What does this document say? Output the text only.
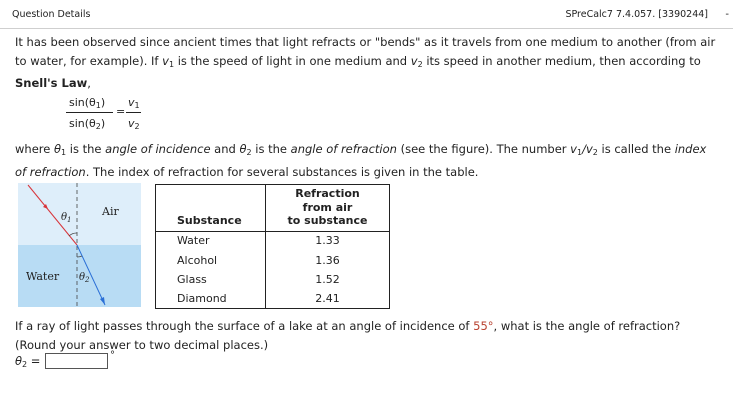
Question Details	SPreCalc7 7.4.057. [3390244] -
It has been observed since ancient times that light refracts or "bends" as it travels from one medium to another (from air to water, for example). If $v_1$ is the speed of light in one medium and $v_2$ its speed in another medium, then according to Snell's Law,
$\sin(\theta_1)$
$\sin(\theta_2)$
=
$v_1$
$v_2$
where $\theta_1$ is the angle of incidence and $\theta_2$ is the angle of refraction (see the figure). The number $v_1/v_2$ is called the index of refraction. The index of refraction for several substances is given in the table.
$\theta_1$
Air
Water $\theta_2$
Substance	Refraction
from air
to substance

Water	1.33
Alcohol	1.36
Glass	1.52
Diamond	2.41
If a ray of light passes through the surface of a lake at an angle of incidence of 55°, what is the angle of refraction? (Round your answer to two decimal places.)
$\theta_2$ =	°
